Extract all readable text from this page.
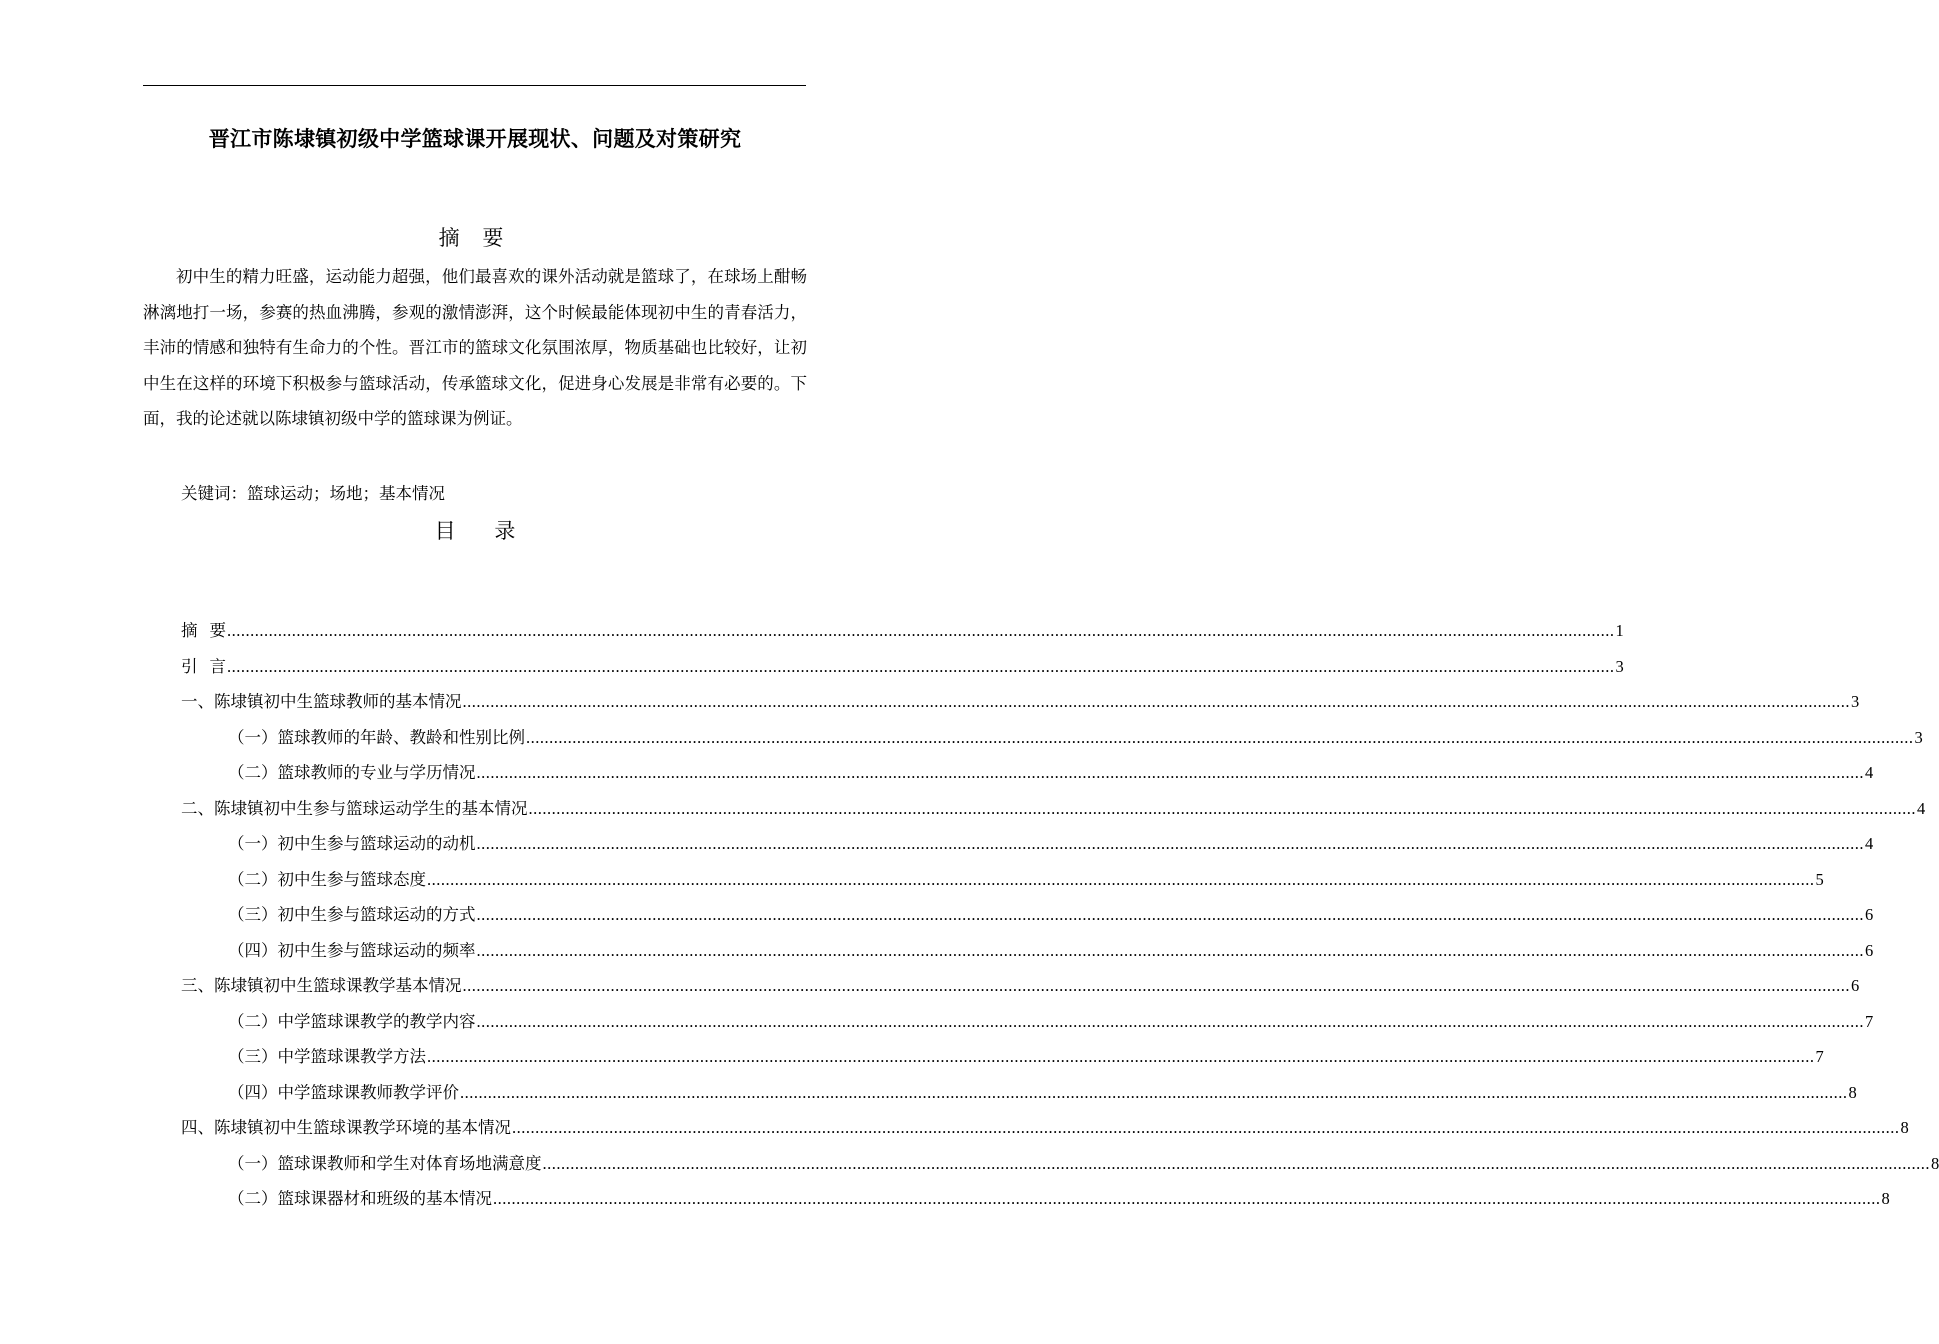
晋江市陈埭镇初级中学篮球课开展现状、问题及对策研究
摘 要

初中生的精力旺盛，运动能力超强，他们最喜欢的课外活动就是篮球了，在球场上酣畅淋漓地打一场，参赛的热血沸腾，参观的激情澎湃，这个时候最能体现初中生的青春活力，丰沛的情感和独特有生命力的个性。晋江市的篮球文化氛围浓厚，物质基础也比较好，让初中生在这样的环境下积极参与篮球活动，传承篮球文化，促进身心发展是非常有必要的。下面，我的论述就以陈埭镇初级中学的篮球课为例证。

关键词：篮球运动；场地；基本情况
目 录
摘要 ............................................................................................................................................................................................................................................................................................................ 1
引言 ............................................................................................................................................................................................................................................................................................................ 3
一、陈埭镇初中生篮球教师的基本情况 ............................................................................................................................................................................................................................................................................................................ 3
（一）篮球教师的年龄、教龄和性别比例 ............................................................................................................................................................................................................................................................................................................ 3
（二）篮球教师的专业与学历情况 ............................................................................................................................................................................................................................................................................................................ 4
二、陈埭镇初中生参与篮球运动学生的基本情况 ............................................................................................................................................................................................................................................................................................................ 4
（一）初中生参与篮球运动的动机 ............................................................................................................................................................................................................................................................................................................ 4
（二）初中生参与篮球态度 ............................................................................................................................................................................................................................................................................................................ 5
（三）初中生参与篮球运动的方式 ............................................................................................................................................................................................................................................................................................................ 6
（四）初中生参与篮球运动的频率 ............................................................................................................................................................................................................................................................................................................ 6
三、陈埭镇初中生篮球课教学基本情况 ............................................................................................................................................................................................................................................................................................................ 6
（二）中学篮球课教学的教学内容 ............................................................................................................................................................................................................................................................................................................ 7
（三）中学篮球课教学方法 ............................................................................................................................................................................................................................................................................................................ 7
（四）中学篮球课教师教学评价 ............................................................................................................................................................................................................................................................................................................ 8
四、陈埭镇初中生篮球课教学环境的基本情况 ............................................................................................................................................................................................................................................................................................................ 8
（一）篮球课教师和学生对体育场地满意度 ............................................................................................................................................................................................................................................................................................................ 8
（二）篮球课器材和班级的基本情况 ............................................................................................................................................................................................................................................................................................................ 8
